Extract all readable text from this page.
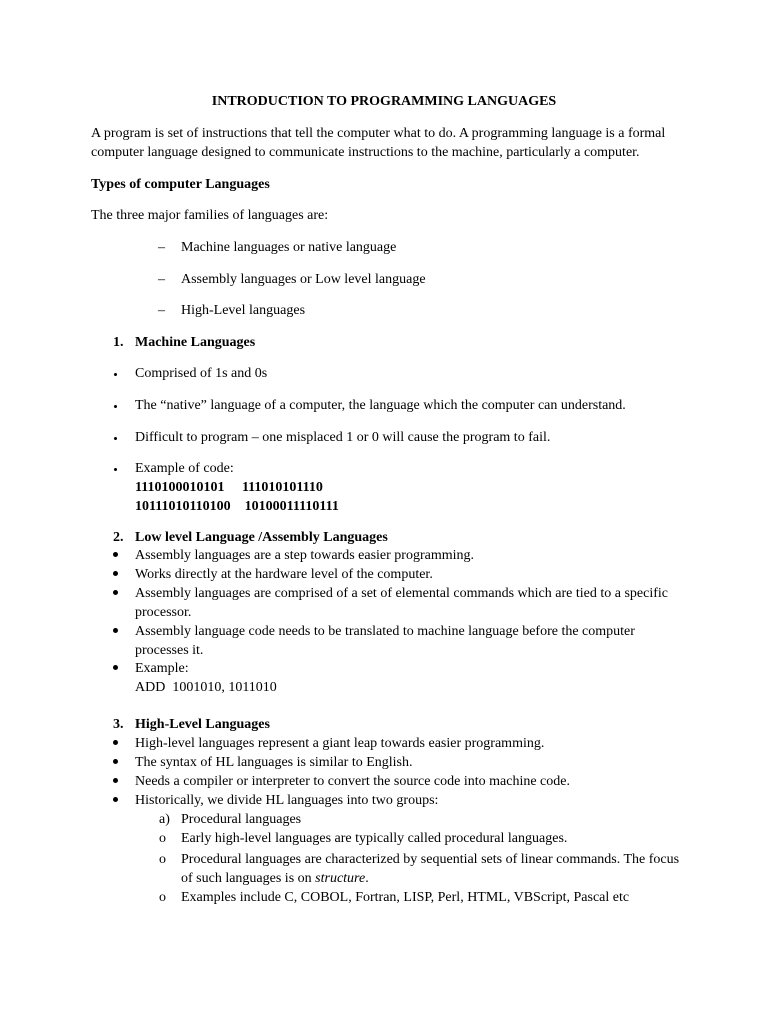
INTRODUCTION TO PROGRAMMING LANGUAGES
A program is set of instructions that tell the computer what to do. A programming language is a formal
computer language designed to communicate instructions to the machine, particularly a computer.
Types of computer Languages
The three major families of languages are:
– Machine languages or native language
– Assembly languages or Low level language
– High-Level languages
1. Machine Languages
Comprised of 1s and 0s
The “native” language of a computer, the language which the computer can understand.
Difficult to program – one misplaced 1 or 0 will cause the program to fail.
Example of code:
1110100010101     111010101110
10111010110100    10100011110111
2. Low level Language /Assembly Languages
Assembly languages are a step towards easier programming.
Works directly at the hardware level of the computer.
Assembly languages are comprised of a set of elemental commands which are tied to a specific
processor.
Assembly language code needs to be translated to machine language before the computer
processes it.
Example:
ADD  1001010, 1011010
3. High-Level Languages
High-level languages represent a giant leap towards easier programming.
The syntax of HL languages is similar to English.
Needs a compiler or interpreter to convert the source code into machine code.
Historically, we divide HL languages into two groups:
a) Procedural languages
o Early high-level languages are typically called procedural languages.
o Procedural languages are characterized by sequential sets of linear commands. The focus
of such languages is on structure.
o Examples include C, COBOL, Fortran, LISP, Perl, HTML, VBScript, Pascal etc
